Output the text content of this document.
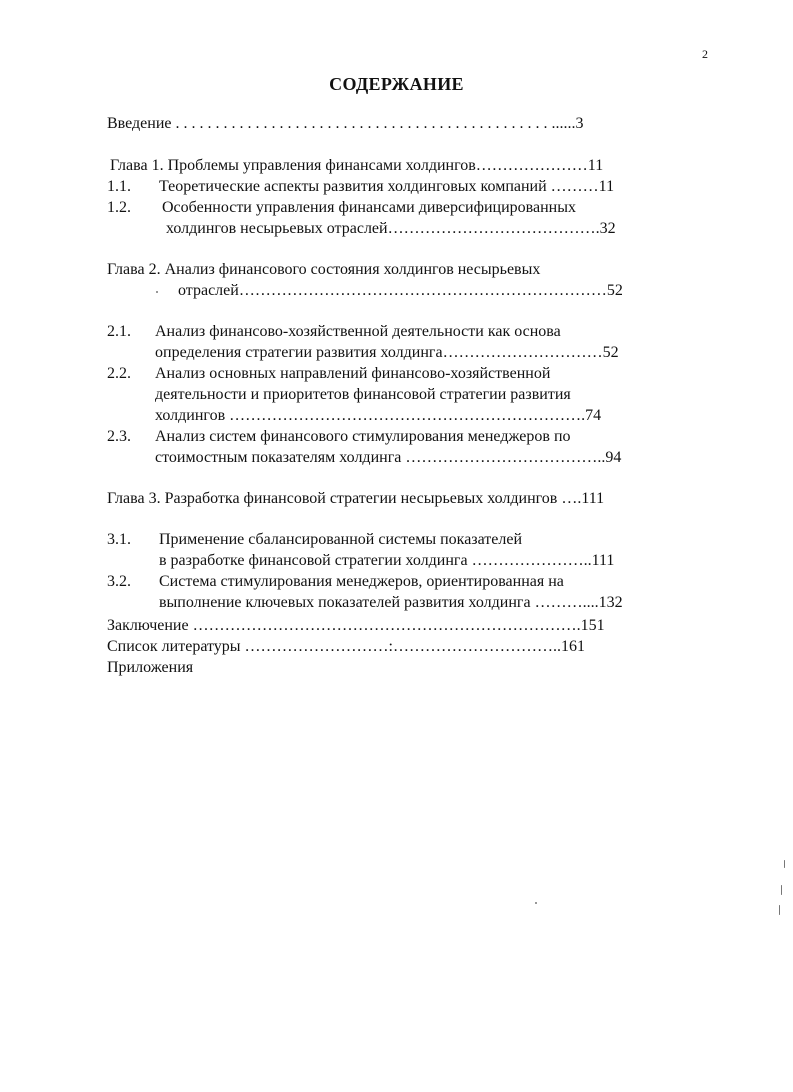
2
СОДЕРЖАНИЕ
Введение . . . . . . . . . . . . . . . . . . . . . . . . . . . . . . . . . . . . . . . . . . . . . . . ......3
Глава 1. Проблемы управления финансами холдингов…………………11
1.1. Теоретические аспекты развития холдинговых компаний ………11
1.2. Особенности управления финансами диверсифицированных
холдингов несырьевых отраслей………………………………….32
Глава 2. Анализ финансового состояния холдингов несырьевых
отраслей……………………………………………………………52
2.1. Анализ финансово-хозяйственной деятельности как основа
определения стратегии развития холдинга…………………………52
2.2. Анализ основных направлений финансово-хозяйственной
деятельности и приоритетов финансовой стратегии развития
холдингов ………………………………………………………….74
2.3. Анализ систем финансового стимулирования менеджеров по
стоимостным показателям холдинга ………………………………..94
Глава 3. Разработка финансовой стратегии несырьевых холдингов ….111
3.1. Применение сбалансированной системы показателей
в разработке финансовой стратегии холдинга …………………..111
3.2. Система стимулирования менеджеров, ориентированная на
выполнение ключевых показателей развития холдинга ………....132
Заключение ……………………………………………………………….151
Список литературы ………………………:…………………………..161
Приложения
